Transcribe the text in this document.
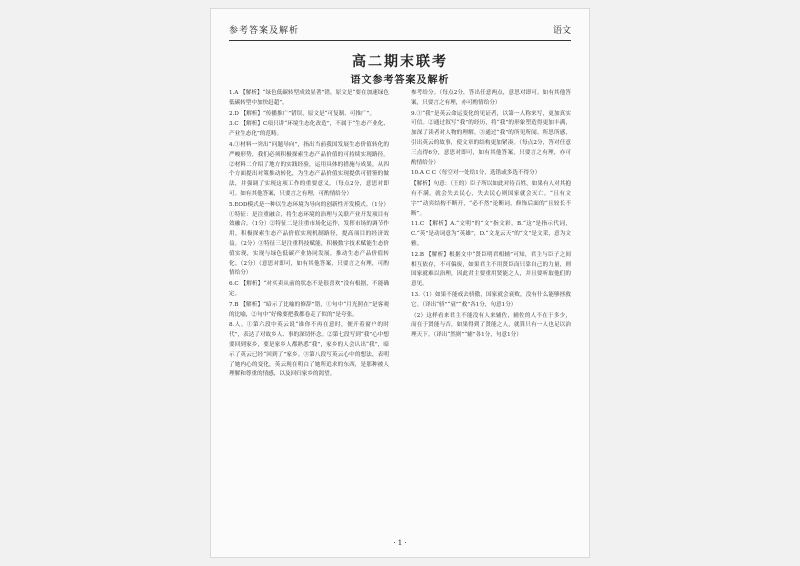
参考答案及解析	语文
高二期末联考
语文参考答案及解析

1.A 【解析】“绿色低碳转型成效显著”错，原文是“要在加速绿色低碳转型中加快赶超”。

2.D 【解析】“传播推广”错误，原文是“可复制、可推广”。

3.C 【解析】C项只讲“环境生态化改造”，不属于“生态产业化、产业生态化”的范畴。

4.①材料一突出“问题导向”，指出当前我国发展生态价值转化的严峻形势，我们必须积极探索生态产品价值的可持续实现路径。②材料二介绍了地方的实践经验，运用具体的措施与成果，从四个方面提出对策推动转化，为生态产品价值实现提供可借鉴的做法，并强调了实现这项工作的重要意义。（每点2分，意思对即可。如有其他答案，只要言之有理，可酌情给分）

5.EOD模式是一种以生态环境为导向的创新性开发模式。（1分）①特征：是注重融合，将生态环境的治理与关联产业开发项目有效融合。（1分）②特征二是注重市场化运作，发挥市场的调节作用，积极探索生态产品价值实现机制路径，提高项目的经济效益。（2分）③特征三是注重科技赋能，积极数字技术赋能生态价值实现，实现与绿色低碳产业协同发展，推动生态产品价值转化。（2分）（意思对即可，如有其他答案，只要言之有理，可酌情给分）

6.C 【解析】“对买卖从前的状态不是很喜欢”没有根据，不能确定。

7.B 【解析】“暗示了比喻的修辞”错，①句中“月光照在”是客观的比喻，②句中“好像要把我都卷走了似的”是夸张。

8.人。①第六段中英云说“谁你不再在意时，便开着窗户的时代”，表达了对故乡人、事的深切怀念。②第七段写到“我”心中想要回到家乡，要是家乡人都熟悉“我”，家乡的人会认出“我”，暗示了英云已经“回到了”家乡。③第八段写英云心中的想法，表明了她内心的变化，英云现在明白了她所追求的东西，是那种被人理解和尊重的情感，以及回归家乡的渴望。

参考给分。（每点2分，答出任意两点，意思对即可。如有其他答案，只要言之有理，亦可酌情给分）

9.①“我”是英云命运变化的见证者，以第一人称来写，更加真实可信。②通过叙写“我”的经历，将“我”的形象塑造得更加丰满，加深了读者对人物的理解。③通过“我”的所见所闻、所思所感，引出英云的故事，使文章的结构更加紧凑。（每点2分，答对任意三点得6分，意思对即可，如有其他答案，只要言之有理，亦可酌情给分）

10.A C C（每空对一处给1分，选错或多选不得分）

【解析】句意：（王的）臣子所以如此对待百姓，如果有人对其抱有不满，就会失去民心，失去民心则国家就会灭亡。“且有文字”“动宾结构不断开，“必不然”论断词，修饰后面的“且较长不断”。

11.C 【解析】A.“文明”的“文”指文彩，B.“这”是指示代词，C.“英”是动词意为“英雄”，D.“文龙云天”的“文”是文采，意为文雅。

12.B 【解析】根据文中“贤臣明君相辅”可知，君主与臣子之间相互依存，不可偏废，如果君主不用贤臣而只靠自己的力量，则国家就难以治理，因此君主要重用贤能之人，并且要听取他们的意见。

13.（1）如果不能戒去骄傲，国家就会衰败，没有什么能够拯救它。（译出“骄”“衰”“救”各1分，句意1分）

（2）这样看来君主不能没有人来辅佐，辅佐的人不在于多少，而在于贤能与否，如果得到了贤能之人，就算只有一人也足以治理天下。（译出“然则”“辅”各1分，句意1分）

· 1 ·
